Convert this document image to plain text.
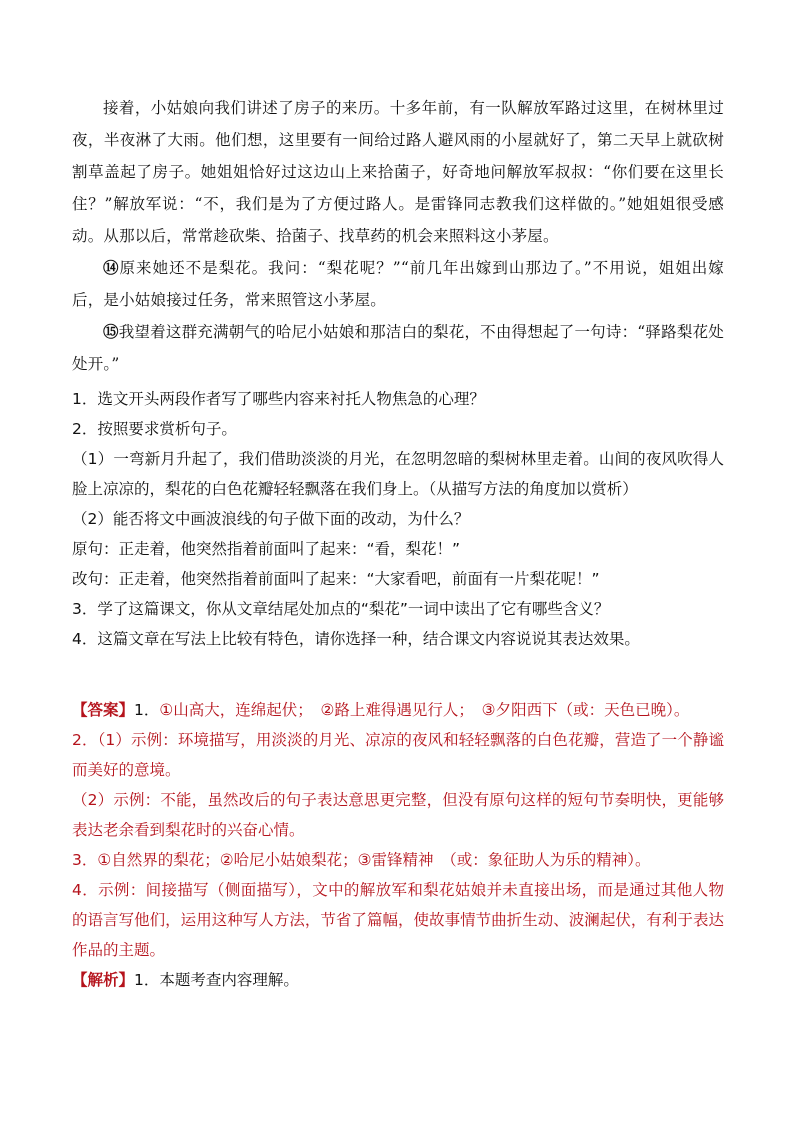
接着，小姑娘向我们讲述了房子的来历。十多年前，有一队解放军路过这里，在树林里过夜，半夜淋了大雨。他们想，这里要有一间给过路人避风雨的小屋就好了，第二天早上就砍树割草盖起了房子。她姐姐恰好过这边山上来拾菌子，好奇地问解放军叔叔：“你们要在这里长住？”解放军说：“不，我们是为了方便过路人。是雷锋同志教我们这样做的。”她姐姐很受感动。从那以后，常常趁砍柴、拾菌子、找草药的机会来照料这小茅屋。

⑭原来她还不是梨花。我问：“梨花呢？”“前几年出嫁到山那边了。”不用说，姐姐出嫁后，是小姑娘接过任务，常来照管这小茅屋。

⑮我望着这群充满朝气的哈尼小姑娘和那洁白的梨花，不由得想起了一句诗：“驿路梨花处处开。”

1．选文开头两段作者写了哪些内容来衬托人物焦急的心理？

2．按照要求赏析句子。

（1）一弯新月升起了，我们借助淡淡的月光，在忽明忽暗的梨树林里走着。山间的夜风吹得人脸上凉凉的，梨花的白色花瓣轻轻飘落在我们身上。（从描写方法的角度加以赏析）

（2）能否将文中画波浪线的句子做下面的改动，为什么？

原句：正走着，他突然指着前面叫了起来：“看，梨花！”

改句：正走着，他突然指着前面叫了起来：“大家看吧，前面有一片梨花呢！”

3．学了这篇课文，你从文章结尾处加点的“梨花”一词中读出了它有哪些含义？

4．这篇文章在写法上比较有特色，请你选择一种，结合课文内容说说其表达效果。

【答案】1．①山高大，连绵起伏；　②路上难得遇见行人；　③夕阳西下（或：天色已晚）。

2．（1）示例：环境描写，用淡淡的月光、凉凉的夜风和轻轻飘落的白色花瓣，营造了一个静谧而美好的意境。

（2）示例：不能，虽然改后的句子表达意思更完整，但没有原句这样的短句节奏明快，更能够表达老余看到梨花时的兴奋心情。

3．①自然界的梨花；②哈尼小姑娘梨花；③雷锋精神　（或：象征助人为乐的精神）。

4．示例：间接描写（侧面描写），文中的解放军和梨花姑娘并未直接出场，而是通过其他人物的语言写他们，运用这种写人方法，节省了篇幅，使故事情节曲折生动、波澜起伏，有利于表达作品的主题。

【解析】1．本题考查内容理解。
